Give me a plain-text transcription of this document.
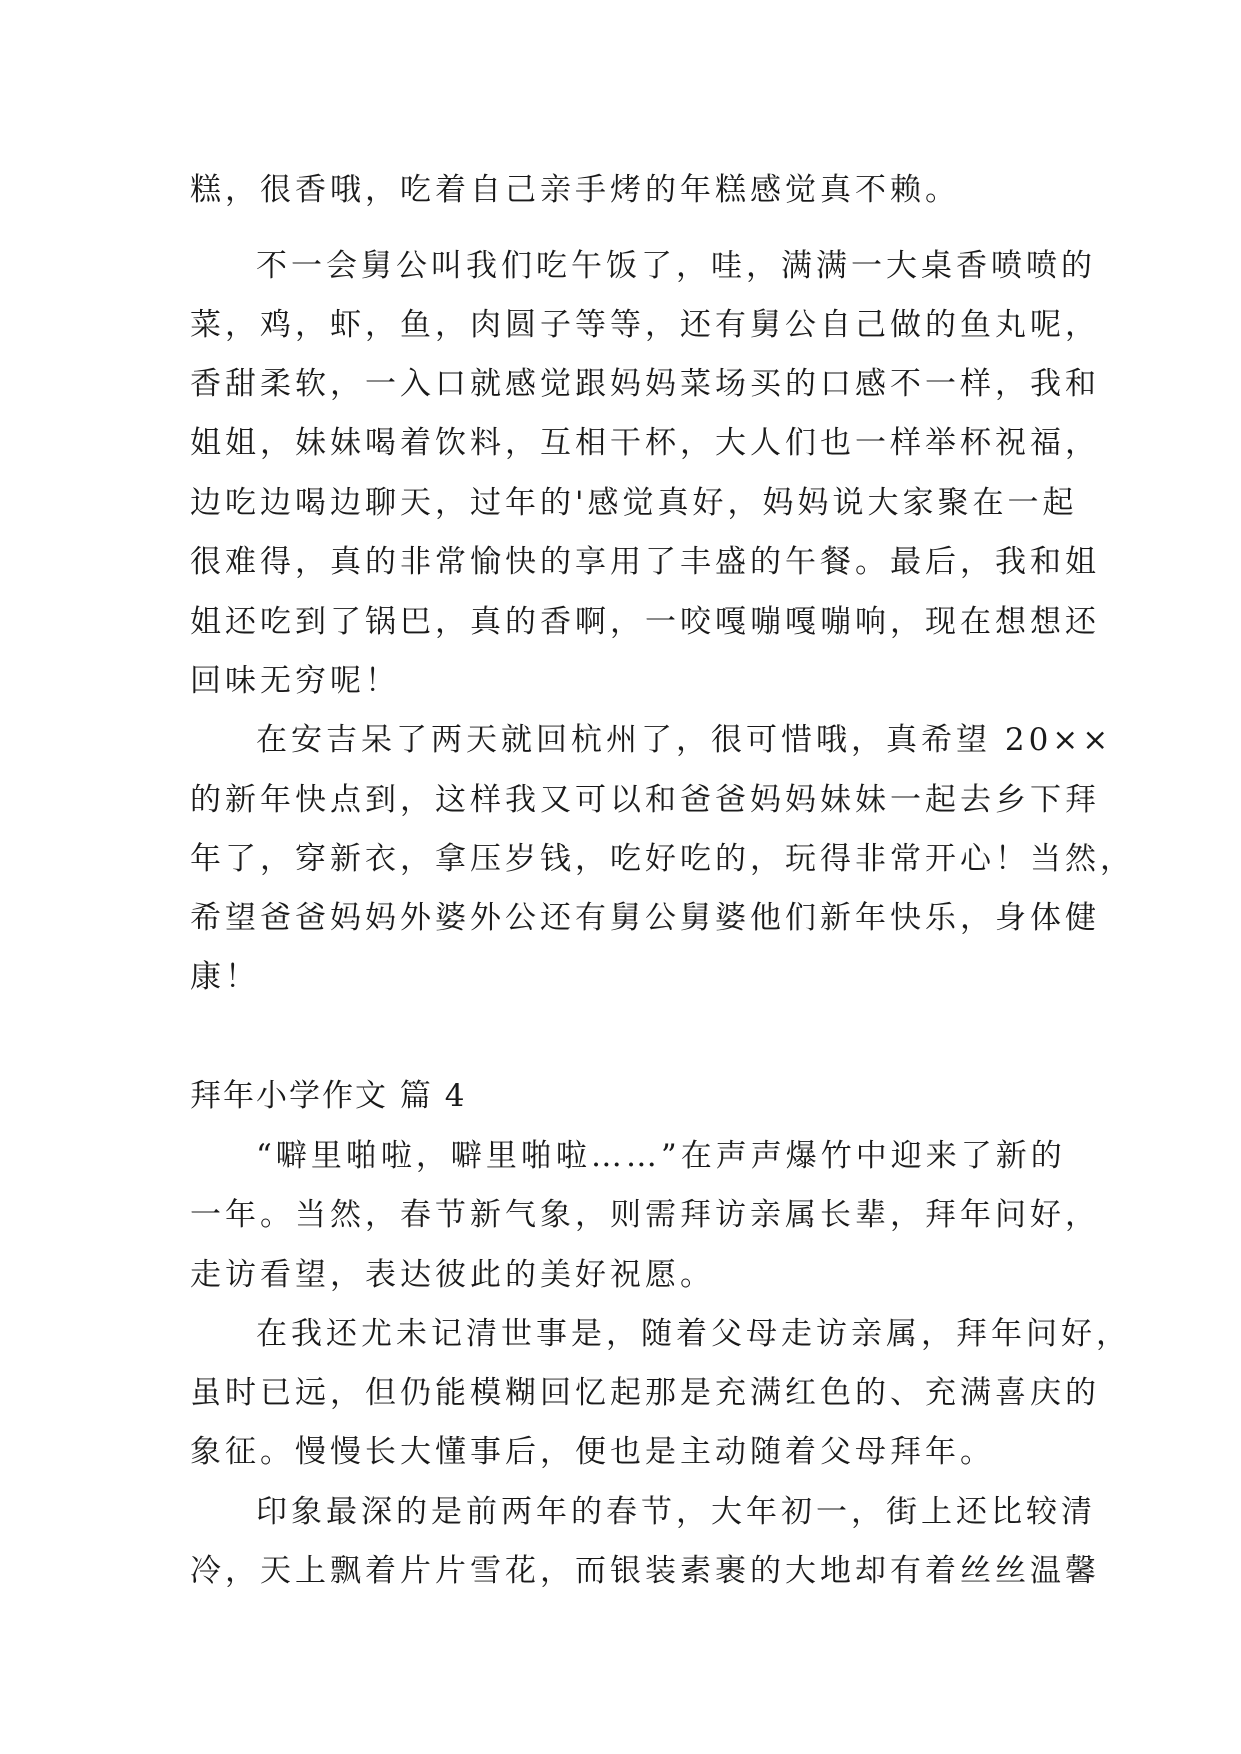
糕，很香哦，吃着自己亲手烤的年糕感觉真不赖。
不一会舅公叫我们吃午饭了，哇，满满一大桌香喷喷的
菜，鸡，虾，鱼，肉圆子等等，还有舅公自己做的鱼丸呢，
香甜柔软，一入口就感觉跟妈妈菜场买的口感不一样，我和
姐姐，妹妹喝着饮料，互相干杯，大人们也一样举杯祝福，
边吃边喝边聊天，过年的'感觉真好，妈妈说大家聚在一起
很难得，真的非常愉快的享用了丰盛的午餐。最后，我和姐
姐还吃到了锅巴，真的香啊，一咬嘎嘣嘎嘣响，现在想想还
回味无穷呢！
在安吉呆了两天就回杭州了，很可惜哦，真希望 20××
的新年快点到，这样我又可以和爸爸妈妈妹妹一起去乡下拜
年了，穿新衣，拿压岁钱，吃好吃的，玩得非常开心！当然，
希望爸爸妈妈外婆外公还有舅公舅婆他们新年快乐，身体健
康！
拜年小学作文 篇 4
“噼里啪啦，噼里啪啦……”在声声爆竹中迎来了新的
一年。当然，春节新气象，则需拜访亲属长辈，拜年问好，
走访看望，表达彼此的美好祝愿。
在我还尤未记清世事是，随着父母走访亲属，拜年问好，
虽时已远，但仍能模糊回忆起那是充满红色的、充满喜庆的
象征。慢慢长大懂事后，便也是主动随着父母拜年。
印象最深的是前两年的春节，大年初一，街上还比较清
冷，天上飘着片片雪花，而银装素裹的大地却有着丝丝温馨
